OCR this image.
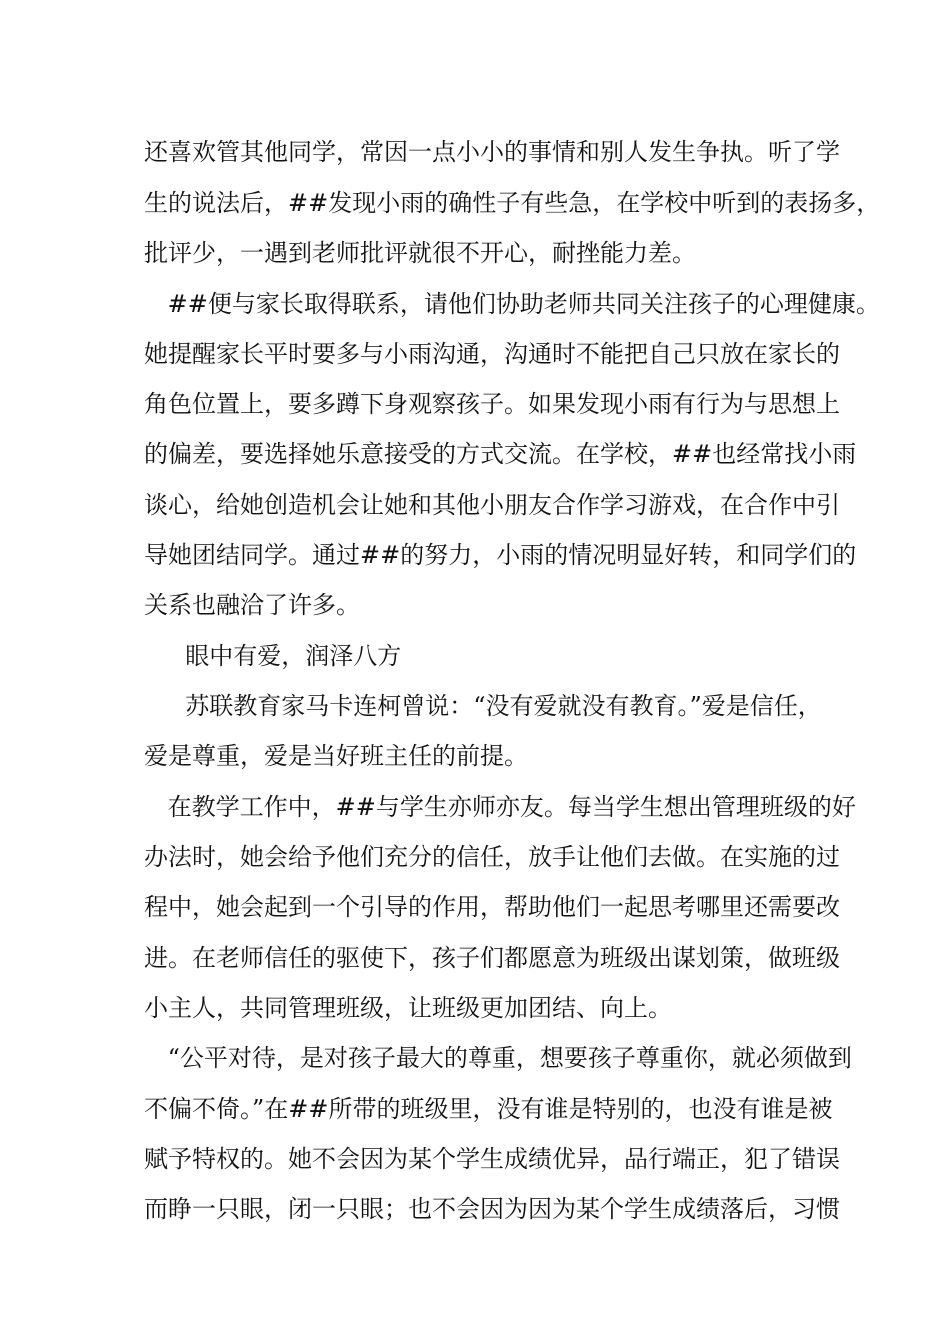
还喜欢管其他同学，常因一点小小的事情和别人发生争执。听了学
生的说法后，##发现小雨的确性子有些急，在学校中听到的表扬多，
批评少，一遇到老师批评就很不开心，耐挫能力差。
##便与家长取得联系，请他们协助老师共同关注孩子的心理健康。
她提醒家长平时要多与小雨沟通，沟通时不能把自己只放在家长的
角色位置上，要多蹲下身观察孩子。如果发现小雨有行为与思想上
的偏差，要选择她乐意接受的方式交流。在学校，##也经常找小雨
谈心，给她创造机会让她和其他小朋友合作学习游戏，在合作中引
导她团结同学。通过##的努力，小雨的情况明显好转，和同学们的
关系也融洽了许多。
眼中有爱，润泽八方
苏联教育家马卡连柯曾说：“没有爱就没有教育。”爱是信任，
爱是尊重，爱是当好班主任的前提。
在教学工作中，##与学生亦师亦友。每当学生想出管理班级的好
办法时，她会给予他们充分的信任，放手让他们去做。在实施的过
程中，她会起到一个引导的作用，帮助他们一起思考哪里还需要改
进。在老师信任的驱使下，孩子们都愿意为班级出谋划策，做班级
小主人，共同管理班级，让班级更加团结、向上。
“公平对待，是对孩子最大的尊重，想要孩子尊重你，就必须做到
不偏不倚。”在##所带的班级里，没有谁是特别的，也没有谁是被
赋予特权的。她不会因为某个学生成绩优异，品行端正，犯了错误
而睁一只眼，闭一只眼；也不会因为因为某个学生成绩落后，习惯
